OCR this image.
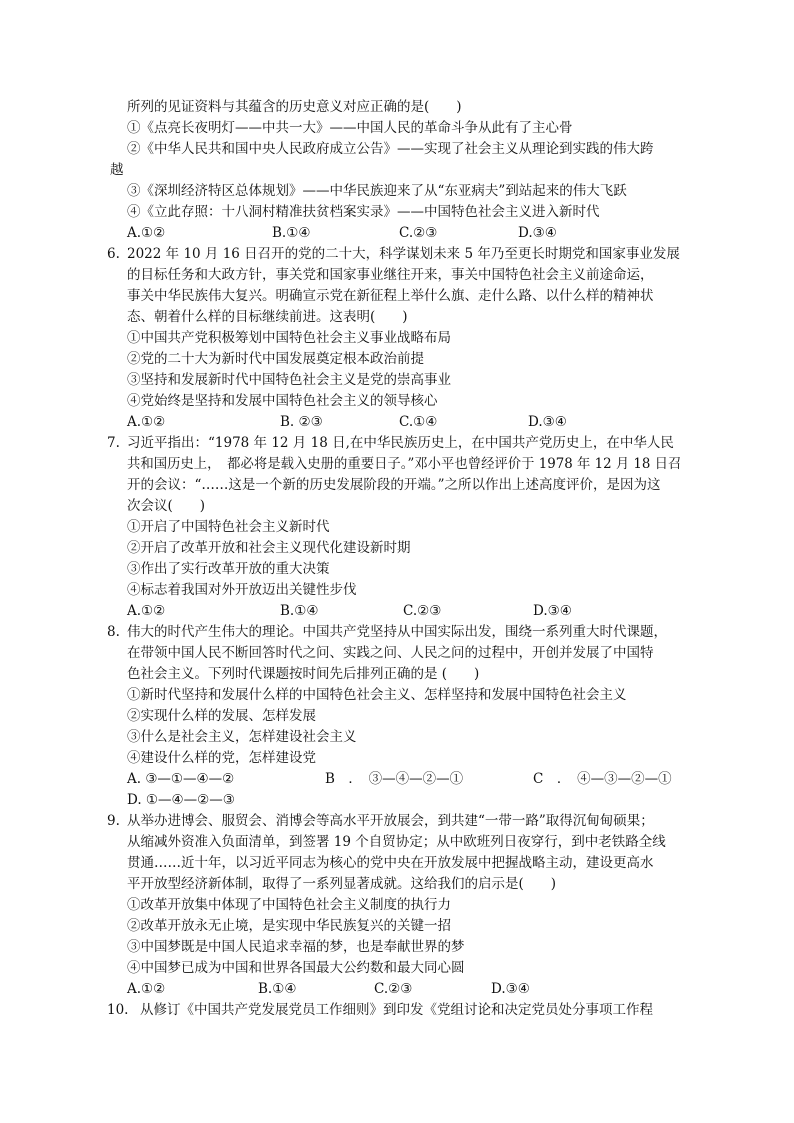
所列的见证资料与其蕴含的历史意义对应正确的是(　　)
①《点亮长夜明灯——中共一大》——中国人民的革命斗争从此有了主心骨
②《中华人民共和国中央人民政府成立公告》——实现了社会主义从理论到实践的伟大跨
越
③《深圳经济特区总体规划》——中华民族迎来了从“东亚病夫”到站起来的伟大飞跃
④《立此存照：十八洞村精准扶贫档案实录》——中国特色社会主义进入新时代
A.①②	B.①④	C.②③	D.③④
6. 2022 年 10 月 16 日召开的党的二十大，科学谋划未来 5 年乃至更长时期党和国家事业发展
的目标任务和大政方针，事关党和国家事业继往开来，事关中国特色社会主义前途命运，
事关中华民族伟大复兴。明确宣示党在新征程上举什么旗、走什么路、以什么样的精神状
态、朝着什么样的目标继续前进。这表明(　　)
①中国共产党积极筹划中国特色社会主义事业战略布局
②党的二十大为新时代中国发展奠定根本政治前提
③坚持和发展新时代中国特色社会主义是党的崇高事业
④党始终是坚持和发展中国特色社会主义的领导核心
A.①②	B. ②③	C.①④	D.③④
7. 习近平指出：“1978 年 12 月 18 日,在中华民族历史上，在中国共产党历史上，在中华人民
共和国历史上，　都必将是载入史册的重要日子。”邓小平也曾经评价于 1978 年 12 月 18 日召
开的会议：“……这是一个新的历史发展阶段的开端。”之所以作出上述高度评价，是因为这
次会议(　　)
①开启了中国特色社会主义新时代
②开启了改革开放和社会主义现代化建设新时期
③作出了实行改革开放的重大决策
④标志着我国对外开放迈出关键性步伐
A.①②	B.①④	C.②③	D.③④
8. 伟大的时代产生伟大的理论。中国共产党坚持从中国实际出发，围绕一系列重大时代课题，
在带领中国人民不断回答时代之问、实践之问、人民之问的过程中，开创并发展了中国特
色社会主义。下列时代课题按时间先后排列正确的是 (　　)
①新时代坚持和发展什么样的中国特色社会主义、怎样坚持和发展中国特色社会主义
②实现什么样的发展、怎样发展
③什么是社会主义，怎样建设社会主义
④建设什么样的党，怎样建设党
A. ③—①—④—②	B　．　③—④—②—①	C　．　④—③—②—①
D. ①—④—②—③
9. 从举办进博会、服贸会、消博会等高水平开放展会，到共建“一带一路”取得沉甸甸硕果；
从缩减外资准入负面清单，到签署 19 个自贸协定；从中欧班列日夜穿行，到中老铁路全线
贯通……近十年，以习近平同志为核心的党中央在开放发展中把握战略主动，建设更高水
平开放型经济新体制，取得了一系列显著成就。这给我们的启示是(　　)
①改革开放集中体现了中国特色社会主义制度的执行力
②改革开放永无止境，是实现中华民族复兴的关键一招
③中国梦既是中国人民追求幸福的梦，也是奉献世界的梦
④中国梦已成为中国和世界各国最大公约数和最大同心圆
A.①②	B.①④	C.②③	D.③④
10. 从修订《中国共产党发展党员工作细则》到印发《党组讨论和决定党员处分事项工作程
